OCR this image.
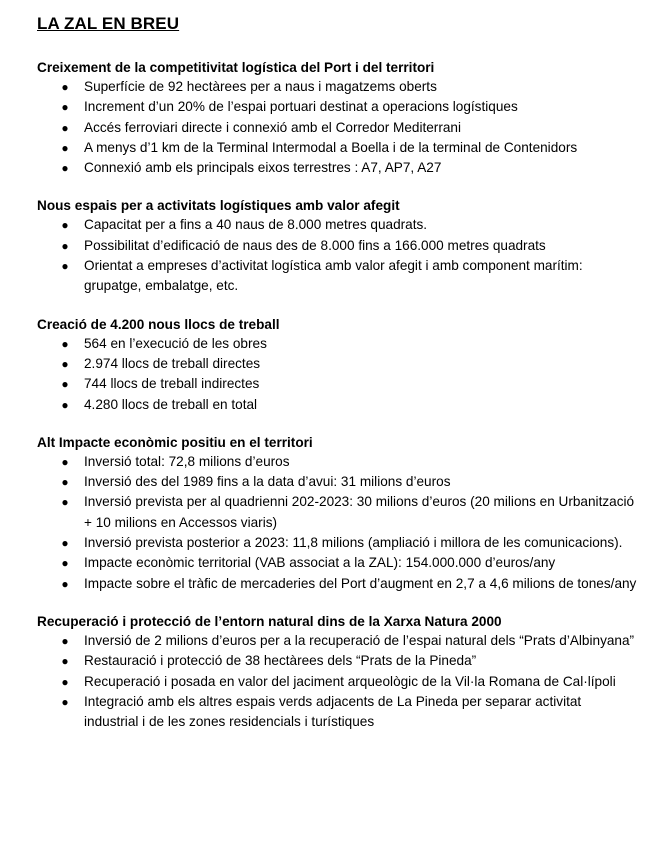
LA ZAL EN BREU
Creixement de la competitivitat logística del Port i del territori
● Superfície de 92 hectàrees per a naus i magatzems oberts
● Increment d’un 20% de l’espai portuari destinat a operacions logístiques
● Accés ferroviari directe i connexió amb el Corredor Mediterrani
● A menys d’1 km de la Terminal Intermodal a Boella i de la terminal de Contenidors
● Connexió amb els principals eixos terrestres : A7, AP7, A27
Nous espais per a activitats logístiques amb valor afegit
● Capacitat per a fins a 40 naus de 8.000 metres quadrats.
● Possibilitat d’edificació de naus des de 8.000 fins a 166.000 metres quadrats
● Orientat a empreses d’activitat logística amb valor afegit i amb component marítim: grupatge, embalatge, etc.
Creació de 4.200 nous llocs de treball
● 564 en l’execució de les obres
● 2.974 llocs de treball directes
● 744 llocs de treball indirectes
● 4.280 llocs de treball en total
Alt Impacte econòmic positiu en el territori
● Inversió total: 72,8 milions d’euros
● Inversió des del 1989 fins a la data d’avui: 31 milions d’euros
● Inversió prevista per al quadrienni 202-2023: 30 milions d’euros (20 milions en Urbanització + 10 milions en Accessos viaris)
● Inversió prevista posterior a 2023: 11,8 milions (ampliació i millora de les comunicacions).
● Impacte econòmic territorial (VAB associat a la ZAL): 154.000.000 d’euros/any
● Impacte sobre el tràfic de mercaderies del Port d’augment en 2,7 a 4,6 milions de tones/any
Recuperació i protecció de l’entorn natural dins de la Xarxa Natura 2000
● Inversió de 2 milions d’euros per a la recuperació de l’espai natural dels “Prats d’Albinyana”
● Restauració i protecció de 38 hectàrees dels “Prats de la Pineda”
● Recuperació i posada en valor del jaciment arqueològic de la Vil·la Romana de Cal·lípoli
● Integració amb els altres espais verds adjacents de La Pineda per separar activitat industrial i de les zones residencials i turístiques
